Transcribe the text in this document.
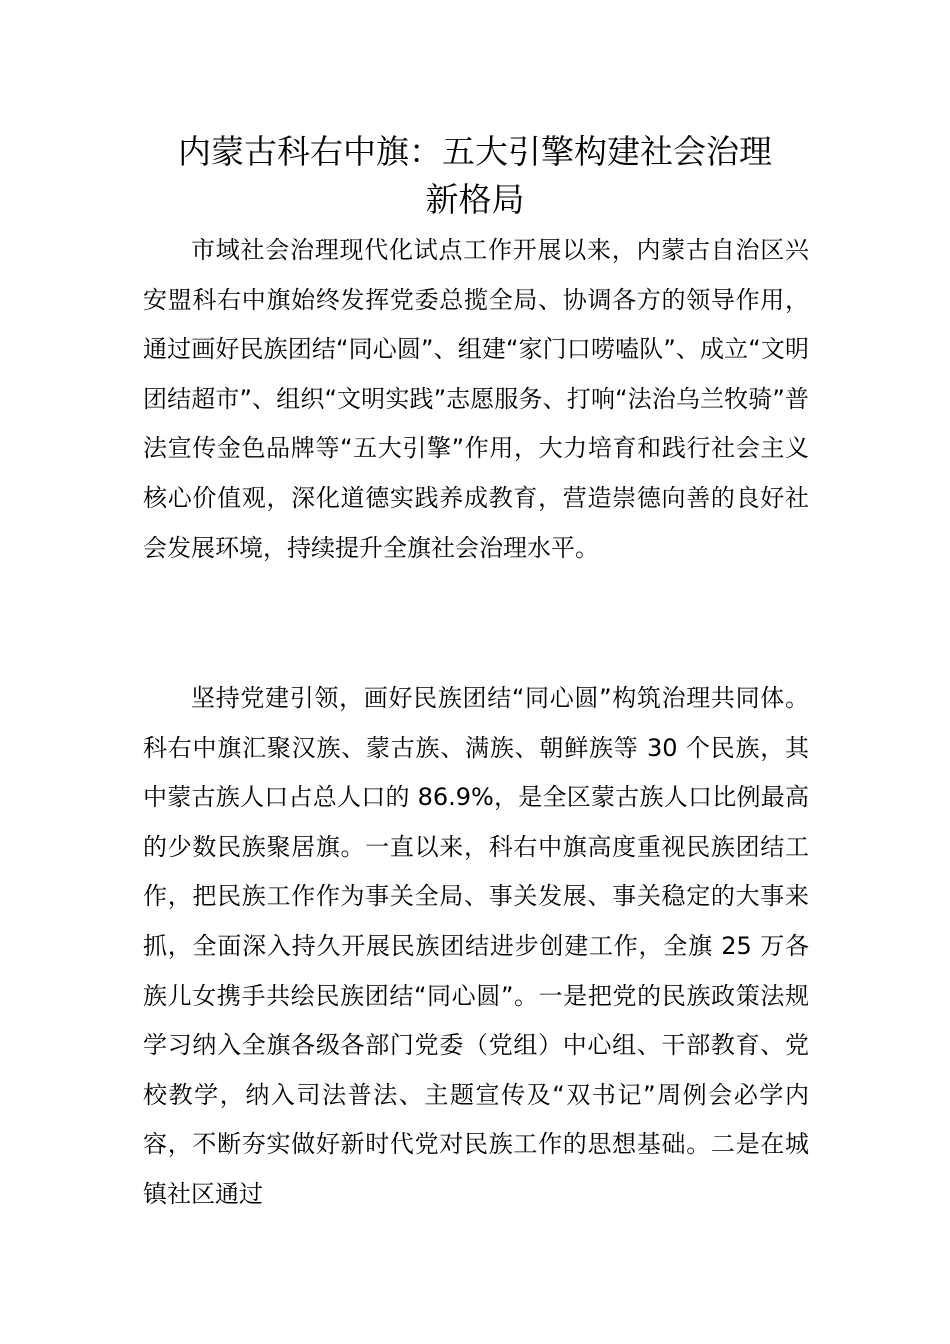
内蒙古科右中旗：五大引擎构建社会治理
新格局

市域社会治理现代化试点工作开展以来，内蒙古自治区兴安盟科右中旗始终发挥党委总揽全局、协调各方的领导作用，通过画好民族团结“同心圆”、组建“家门口唠嗑队”、成立“文明团结超市”、组织“文明实践”志愿服务、打响“法治乌兰牧骑”普法宣传金色品牌等“五大引擎”作用，大力培育和践行社会主义核心价值观，深化道德实践养成教育，营造崇德向善的良好社会发展环境，持续提升全旗社会治理水平。

坚持党建引领，画好民族团结“同心圆”构筑治理共同体。科右中旗汇聚汉族、蒙古族、满族、朝鲜族等 30 个民族，其中蒙古族人口占总人口的 86.9%，是全区蒙古族人口比例最高的少数民族聚居旗。一直以来，科右中旗高度重视民族团结工作，把民族工作作为事关全局、事关发展、事关稳定的大事来抓，全面深入持久开展民族团结进步创建工作，全旗 25 万各族儿女携手共绘民族团结“同心圆”。一是把党的民族政策法规学习纳入全旗各级各部门党委（党组）中心组、干部教育、党校教学，纳入司法普法、主题宣传及“双书记”周例会必学内容，不断夯实做好新时代党对民族工作的思想基础。二是在城镇社区通过
